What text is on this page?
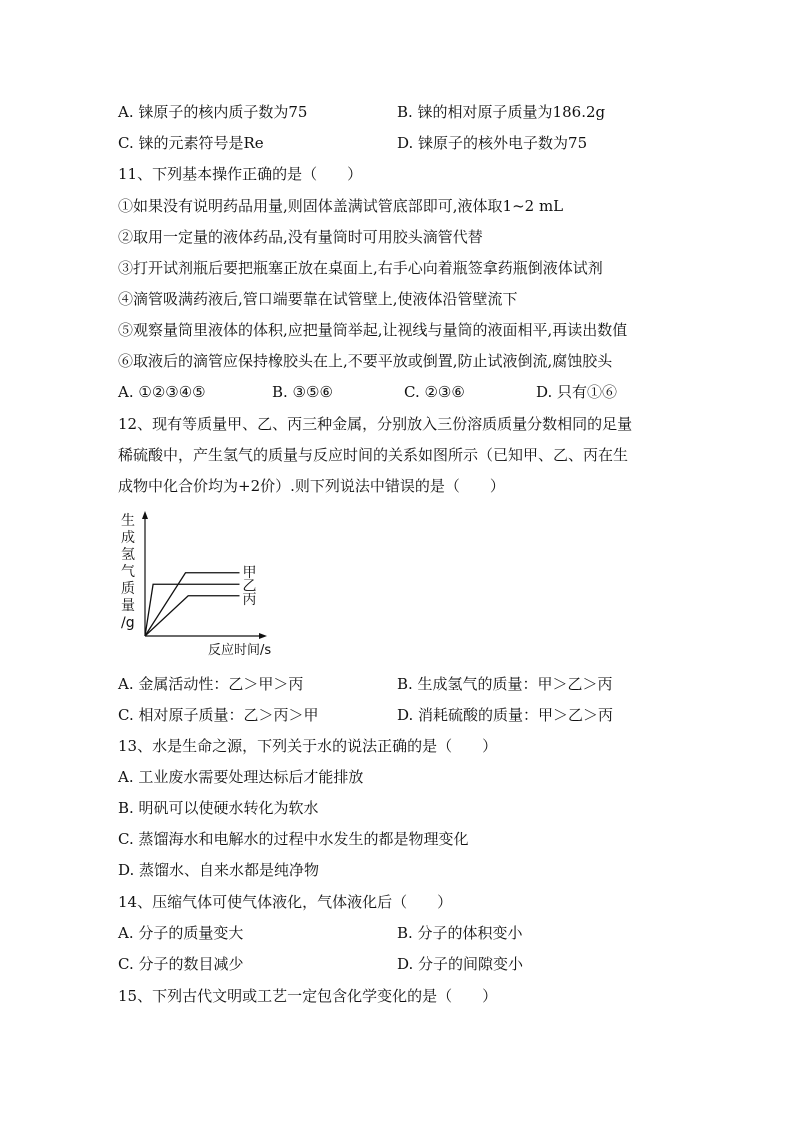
A. 铼原子的核内质子数为75	B. 铼的相对原子质量为186.2g
C. 铼的元素符号是Re	D. 铼原子的核外电子数为75
11、下列基本操作正确的是（　　）
①如果没有说明药品用量,则固体盖满试管底部即可,液体取1~2 mL
②取用一定量的液体药品,没有量筒时可用胶头滴管代替
③打开试剂瓶后要把瓶塞正放在桌面上,右手心向着瓶签拿药瓶倒液体试剂
④滴管吸满药液后,管口端要靠在试管壁上,使液体沿管壁流下
⑤观察量筒里液体的体积,应把量筒举起,让视线与量筒的液面相平,再读出数值
⑥取液后的滴管应保持橡胶头在上,不要平放或倒置,防止试液倒流,腐蚀胶头
A. ①②③④⑤	B. ③⑤⑥	C. ②③⑥	D. 只有①⑥
12、现有等质量甲、乙、丙三种金属，分别放入三份溶质质量分数相同的足量
稀硫酸中，产生氢气的质量与反应时间的关系如图所示（已知甲、乙、丙在生
成物中化合价均为+2价）.则下列说法中错误的是（　　）
生
成
氢
气
质
量
/g
甲
乙
丙
反应时间/s
A. 金属活动性：乙＞甲＞丙	B. 生成氢气的质量：甲＞乙＞丙
C. 相对原子质量：乙＞丙＞甲	D. 消耗硫酸的质量：甲＞乙＞丙
13、水是生命之源，下列关于水的说法正确的是（　　）
A. 工业废水需要处理达标后才能排放
B. 明矾可以使硬水转化为软水
C. 蒸馏海水和电解水的过程中水发生的都是物理变化
D. 蒸馏水、自来水都是纯净物
14、压缩气体可使气体液化，气体液化后（　　）
A. 分子的质量变大	B. 分子的体积变小
C. 分子的数目减少	D. 分子的间隙变小
15、下列古代文明或工艺一定包含化学变化的是（　　）
